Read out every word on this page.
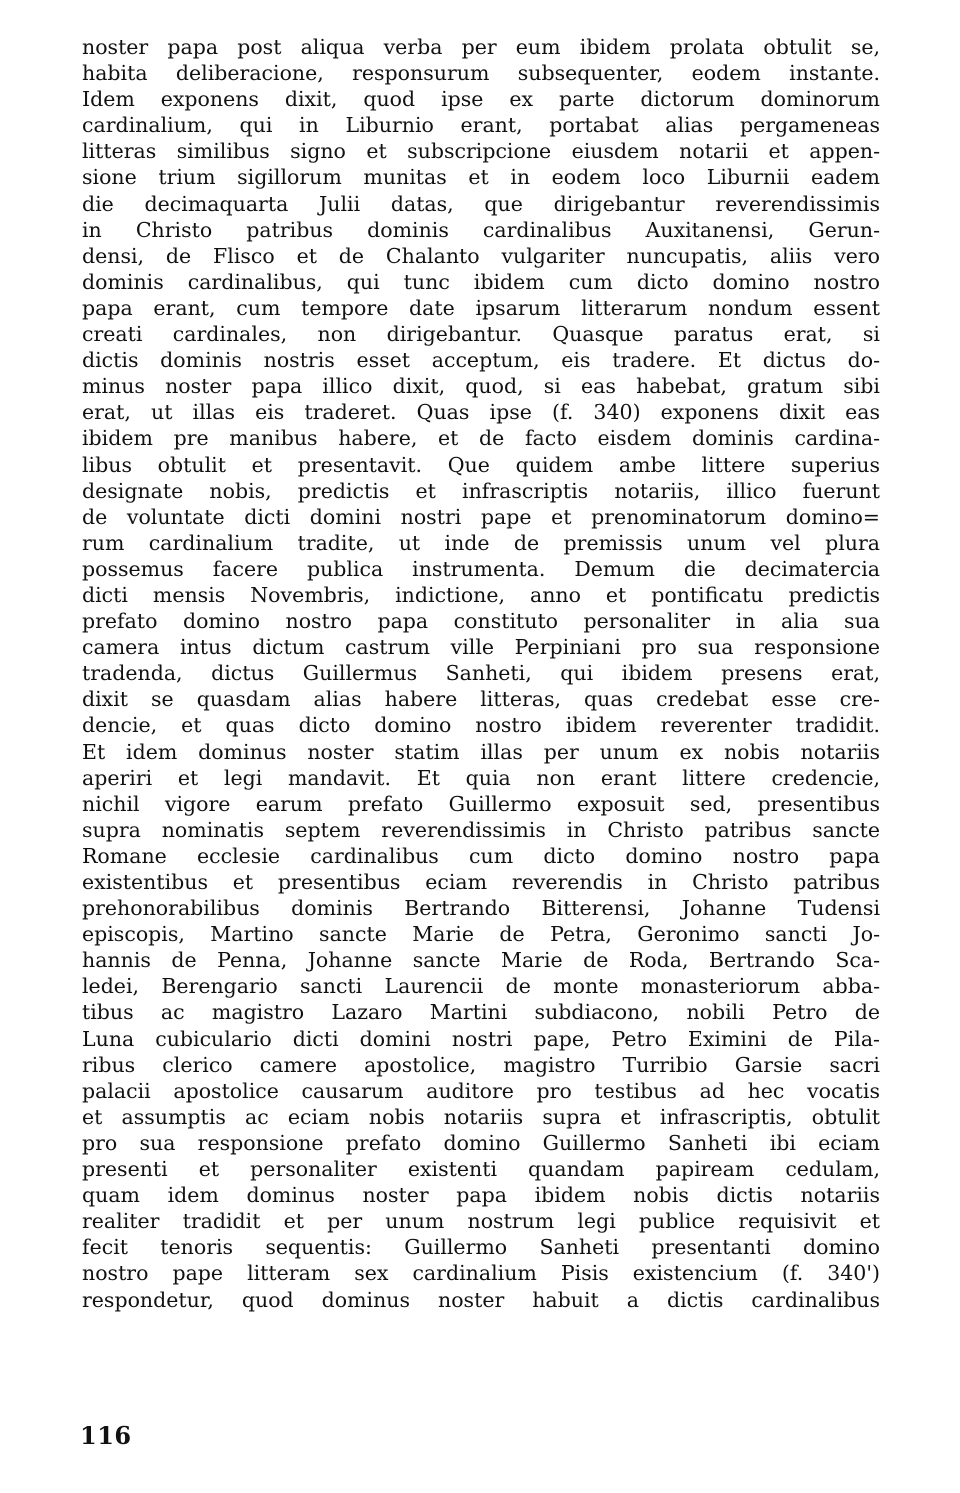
noster papa post aliqua verba per eum ibidem prolata obtulit se,
habita deliberacione, responsurum subsequenter, eodem instante.
Idem exponens dixit, quod ipse ex parte dictorum dominorum
cardinalium, qui in Liburnio erant, portabat alias pergameneas
litteras similibus signo et subscripcione eiusdem notarii et appen-
sione trium sigillorum munitas et in eodem loco Liburnii eadem
die decimaquarta Julii datas, que dirigebantur reverendissimis
in Christo patribus dominis cardinalibus Auxitanensi, Gerun-
densi, de Flisco et de Chalanto vulgariter nuncupatis, aliis vero
dominis cardinalibus, qui tunc ibidem cum dicto domino nostro
papa erant, cum tempore date ipsarum litterarum nondum essent
creati cardinales, non dirigebantur. Quasque paratus erat, si
dictis dominis nostris esset acceptum, eis tradere. Et dictus do-
minus noster papa illico dixit, quod, si eas habebat, gratum sibi
erat, ut illas eis traderet. Quas ipse (f. 340) exponens dixit eas
ibidem pre manibus habere, et de facto eisdem dominis cardina-
libus obtulit et presentavit. Que quidem ambe littere superius
designate nobis, predictis et infrascriptis notariis, illico fuerunt
de voluntate dicti domini nostri pape et prenominatorum domino=
rum cardinalium tradite, ut inde de premissis unum vel plura
possemus facere publica instrumenta. Demum die decimatercia
dicti mensis Novembris, indictione, anno et pontificatu predictis
prefato domino nostro papa constituto personaliter in alia sua
camera intus dictum castrum ville Perpiniani pro sua responsione
tradenda, dictus Guillermus Sanheti, qui ibidem presens erat,
dixit se quasdam alias habere litteras, quas credebat esse cre-
dencie, et quas dicto domino nostro ibidem reverenter tradidit.
Et idem dominus noster statim illas per unum ex nobis notariis
aperiri et legi mandavit. Et quia non erant littere credencie,
nichil vigore earum prefato Guillermo exposuit sed, presentibus
supra nominatis septem reverendissimis in Christo patribus sancte
Romane ecclesie cardinalibus cum dicto domino nostro papa
existentibus et presentibus eciam reverendis in Christo patribus
prehonorabilibus dominis Bertrando Bitterensi, Johanne Tudensi
episcopis, Martino sancte Marie de Petra, Geronimo sancti Jo-
hannis de Penna, Johanne sancte Marie de Roda, Bertrando Sca-
ledei, Berengario sancti Laurencii de monte monasteriorum abba-
tibus ac magistro Lazaro Martini subdiacono, nobili Petro de
Luna cubiculario dicti domini nostri pape, Petro Eximini de Pila-
ribus clerico camere apostolice, magistro Turribio Garsie sacri
palacii apostolice causarum auditore pro testibus ad hec vocatis
et assumptis ac eciam nobis notariis supra et infrascriptis, obtulit
pro sua responsione prefato domino Guillermo Sanheti ibi eciam
presenti et personaliter existenti quandam papiream cedulam,
quam idem dominus noster papa ibidem nobis dictis notariis
realiter tradidit et per unum nostrum legi publice requisivit et
fecit tenoris sequentis: Guillermo Sanheti presentanti domino
nostro pape litteram sex cardinalium Pisis existencium (f. 340')
respondetur, quod dominus noster habuit a dictis cardinalibus
116
